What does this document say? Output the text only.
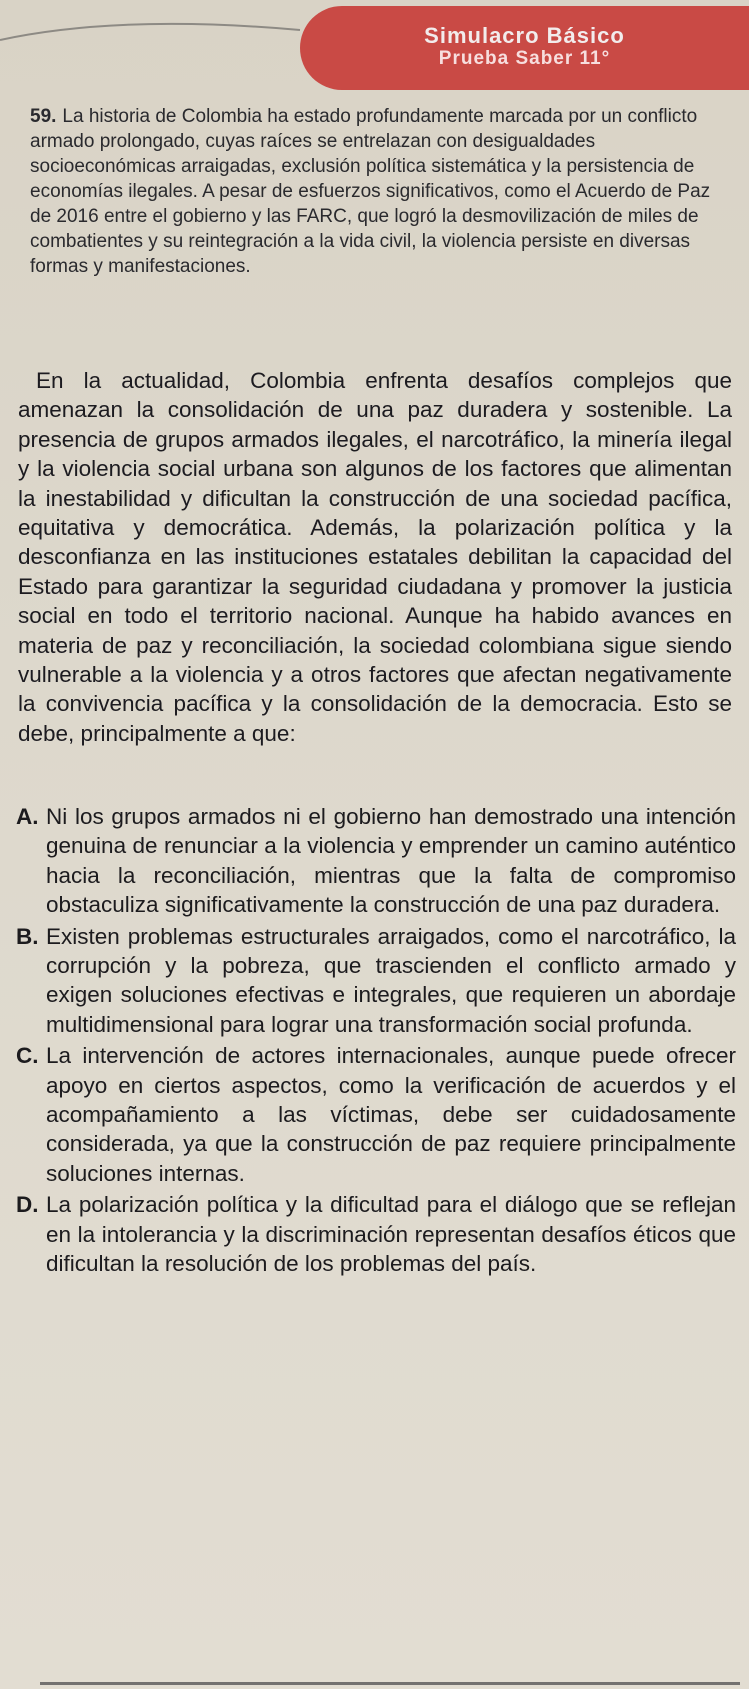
Simulacro Básico
Prueba Saber 11°

59. La historia de Colombia ha estado profundamente marcada por un conflicto armado prolongado, cuyas raíces se entrelazan con desigualdades socioeconómicas arraigadas, exclusión política sistemática y la persistencia de economías ilegales. A pesar de esfuerzos significativos, como el Acuerdo de Paz de 2016 entre el gobierno y las FARC, que logró la desmovilización de miles de combatientes y su reintegración a la vida civil, la violencia persiste en diversas formas y manifestaciones.

En la actualidad, Colombia enfrenta desafíos complejos que amenazan la consolidación de una paz duradera y sostenible. La presencia de grupos armados ilegales, el narcotráfico, la minería ilegal y la violencia social urbana son algunos de los factores que alimentan la inestabilidad y dificultan la construcción de una sociedad pacífica, equitativa y democrática. Además, la polarización política y la desconfianza en las instituciones estatales debilitan la capacidad del Estado para garantizar la seguridad ciudadana y promover la justicia social en todo el territorio nacional. Aunque ha habido avances en materia de paz y reconciliación, la sociedad colombiana sigue siendo vulnerable a la violencia y a otros factores que afectan negativamente la convivencia pacífica y la consolidación de la democracia. Esto se debe, principalmente a que:

A. Ni los grupos armados ni el gobierno han demostrado una intención genuina de renunciar a la violencia y emprender un camino auténtico hacia la reconciliación, mientras que la falta de compromiso obstaculiza significativamente la construcción de una paz duradera.
B. Existen problemas estructurales arraigados, como el narcotráfico, la corrupción y la pobreza, que trascienden el conflicto armado y exigen soluciones efectivas e integrales, que requieren un abordaje multidimensional para lograr una transformación social profunda.
C. La intervención de actores internacionales, aunque puede ofrecer apoyo en ciertos aspectos, como la verificación de acuerdos y el acompañamiento a las víctimas, debe ser cuidadosamente considerada, ya que la construcción de paz requiere principalmente soluciones internas.
D. La polarización política y la dificultad para el diálogo que se reflejan en la intolerancia y la discriminación representan desafíos éticos que dificultan la resolución de los problemas del país.
